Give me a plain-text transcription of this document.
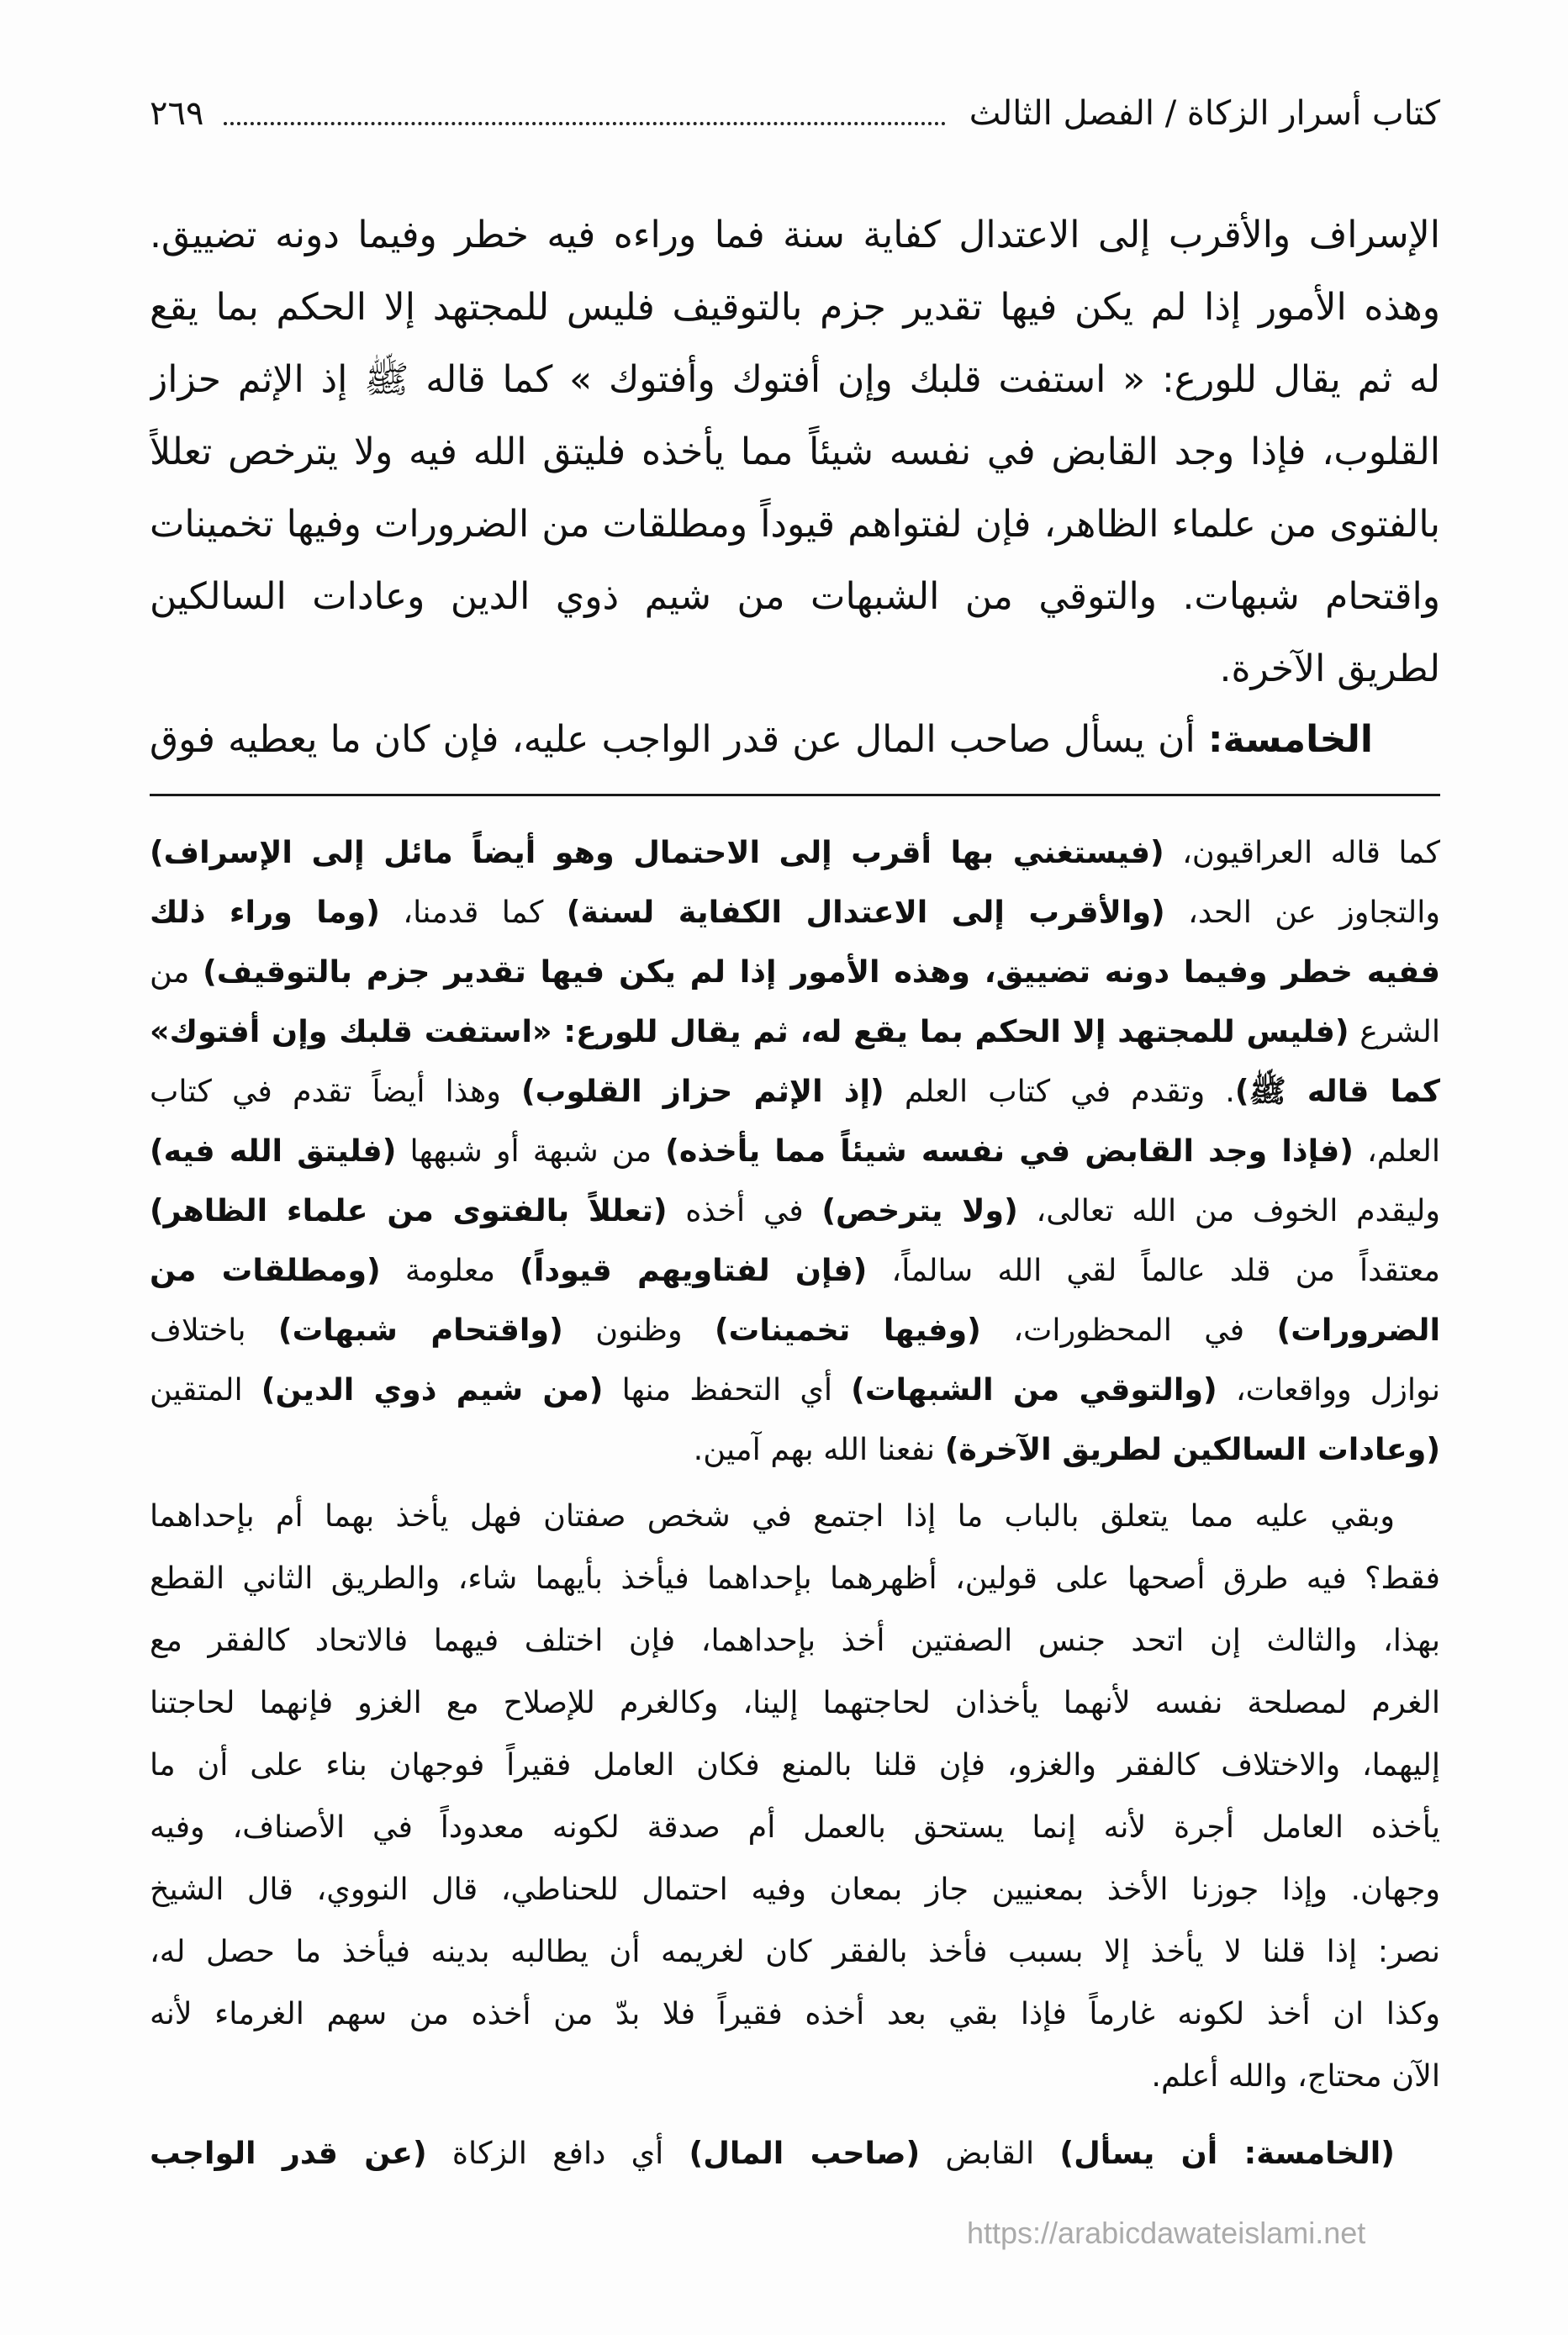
كتاب أسرار الزكاة / الفصل الثالث
٢٦٩
الإسراف والأقرب إلى الاعتدال كفاية سنة فما وراءه فيه خطر وفيما دونه تضييق.
وهذه الأمور إذا لم يكن فيها تقدير جزم بالتوقيف فليس للمجتهد إلا الحكم بما يقع
له ثم يقال للورع: « استفت قلبك وإن أفتوك وأفتوك » كما قاله ﷺ إذ الإثم حزاز
القلوب، فإذا وجد القابض في نفسه شيئاً مما يأخذه فليتق الله فيه ولا يترخص تعللاً
بالفتوى من علماء الظاهر، فإن لفتواهم قيوداً ومطلقات من الضرورات وفيها تخمينات
واقتحام شبهات. والتوقي من الشبهات من شيم ذوي الدين وعادات السالكين
لطريق الآخرة.
الخامسة: أن يسأل صاحب المال عن قدر الواجب عليه، فإن كان ما يعطيه فوق
كما قاله العراقيون، (فيستغني بها أقرب إلى الاحتمال وهو أيضاً مائل إلى الإسراف)
والتجاوز عن الحد، (والأقرب إلى الاعتدال الكفاية لسنة) كما قدمنا، (وما وراء ذلك
ففيه خطر وفيما دونه تضييق، وهذه الأمور إذا لم يكن فيها تقدير جزم بالتوقيف) من
الشرع (فليس للمجتهد إلا الحكم بما يقع له، ثم يقال للورع: «استفت قلبك وإن أفتوك»
كما قاله ﷺ). وتقدم في كتاب العلم (إذ الإثم حزاز القلوب) وهذا أيضاً تقدم في كتاب
العلم، (فإذا وجد القابض في نفسه شيئاً مما يأخذه) من شبهة أو شبهها (فليتق الله فيه)
وليقدم الخوف من الله تعالى، (ولا يترخص) في أخذه (تعللاً بالفتوى من علماء الظاهر)
معتقداً من قلد عالماً لقي الله سالماً، (فإن لفتاويهم قيوداً) معلومة (ومطلقات من
الضرورات) في المحظورات، (وفيها تخمينات) وظنون (واقتحام شبهات) باختلاف
نوازل وواقعات، (والتوقي من الشبهات) أي التحفظ منها (من شيم ذوي الدين) المتقين
(وعادات السالكين لطريق الآخرة) نفعنا الله بهم آمين.
وبقي عليه مما يتعلق بالباب ما إذا اجتمع في شخص صفتان فهل يأخذ بهما أم بإحداهما
فقط؟ فيه طرق أصحها على قولين، أظهرهما بإحداهما فيأخذ بأيهما شاء، والطريق الثاني القطع
بهذا، والثالث إن اتحد جنس الصفتين أخذ بإحداهما، فإن اختلف فيهما فالاتحاد كالفقر مع
الغرم لمصلحة نفسه لأنهما يأخذان لحاجتهما إلينا، وكالغرم للإصلاح مع الغزو فإنهما لحاجتنا
إليهما، والاختلاف كالفقر والغزو، فإن قلنا بالمنع فكان العامل فقيراً فوجهان بناء على أن ما
يأخذه العامل أجرة لأنه إنما يستحق بالعمل أم صدقة لكونه معدوداً في الأصناف، وفيه
وجهان. وإذا جوزنا الأخذ بمعنيين جاز بمعان وفيه احتمال للحناطي، قال النووي، قال الشيخ
نصر: إذا قلنا لا يأخذ إلا بسبب فأخذ بالفقر كان لغريمه أن يطالبه بدينه فيأخذ ما حصل له،
وكذا ان أخذ لكونه غارماً فإذا بقي بعد أخذه فقيراً فلا بدّ من أخذه من سهم الغرماء لأنه
الآن محتاج، والله أعلم.
(الخامسة: أن يسأل) القابض (صاحب المال) أي دافع الزكاة (عن قدر الواجب
https://arabicdawateislami.net
